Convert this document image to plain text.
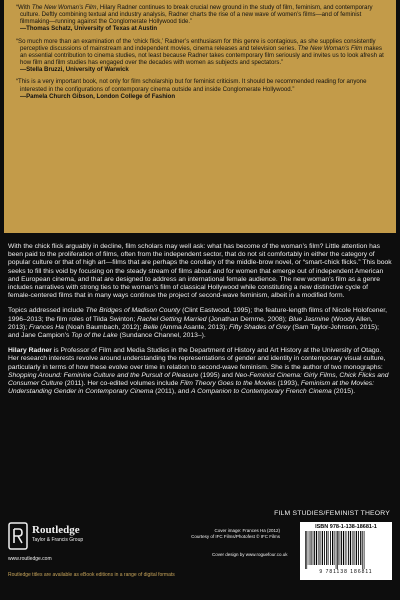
“With The New Woman’s Film, Hilary Radner continues to break crucial new ground in the study of film, feminism, and contemporary culture. Deftly combining textual and industry analysis, Radner charts the rise of a new wave of women’s films—and of feminist filmmaking—running against the Conglomerate Hollywood tide.”
—Thomas Schatz, University of Texas at Austin
“So much more than an examination of the ‘chick flick,’ Radner’s enthusiasm for this genre is contagious, as she supplies consistently perceptive discussions of mainstream and independent movies, cinema releases and television series. The New Woman’s Film makes an essential contribution to cinema studies, not least because Radner takes contemporary film seriously and invites us to look afresh at how film and film studies has engaged over the decades with women as subjects and spectators.”
—Stella Bruzzi, University of Warwick
“This is a very important book, not only for film scholarship but for feminist criticism. It should be recommended reading for anyone interested in the configurations of contemporary cinema outside and inside Conglomerate Hollywood.”
—Pamela Church Gibson, London College of Fashion

With the chick flick arguably in decline, film scholars may well ask: what has become of the woman’s film? Little attention has been paid to the proliferation of films, often from the independent sector, that do not sit comfortably in either the category of popular culture or that of high art—films that are perhaps the corollary of the middle-brow novel, or “smart-chick flicks.” This book seeks to fill this void by focusing on the steady stream of films about and for women that emerge out of independent American and European cinema, and that are designed to address an international female audience. The new woman’s film as a genre includes narratives with strong ties to the woman’s film of classical Hollywood while constituting a new distinctive cycle of female-centered films that in many ways continue the project of second-wave feminism, albeit in a modified form.

Topics addressed include The Bridges of Madison County (Clint Eastwood, 1995); the feature-length films of Nicole Holofcener, 1996–2013; the film roles of Tilda Swinton; Rachel Getting Married (Jonathan Demme, 2008); Blue Jasmine (Woody Allen, 2013); Frances Ha (Noah Baumbach, 2012); Belle (Amma Asante, 2013); Fifty Shades of Grey (Sam Taylor-Johnson, 2015); and Jane Campion’s Top of the Lake (Sundance Channel, 2013–).

Hilary Radner is Professor of Film and Media Studies in the Department of History and Art History at the University of Otago. Her research interests revolve around understanding the representations of gender and identity in contemporary visual culture, particularly in terms of how these evolve over time in relation to second-wave feminism. She is the author of two monographs: Shopping Around: Feminine Culture and the Pursuit of Pleasure (1995) and Neo-Feminist Cinema: Girly Films, Chick Flicks and Consumer Culture (2011). Her co-edited volumes include Film Theory Goes to the Movies (1993), Feminism at the Movies: Understanding Gender in Contemporary Cinema (2011), and A Companion to Contemporary French Cinema (2015).

FILM STUDIES/FEMINIST THEORY
Routledge
Taylor & Francis Group
www.routledge.com
Cover image: Frances Ha (2012)
Courtesy of IFC Films/Photofest © IFC Films
Cover design by www.roguefour.co.uk
Routledge titles are available as eBook editions in a range of digital formats
ISBN 978-1-138-18681-1
9 781138 186811
